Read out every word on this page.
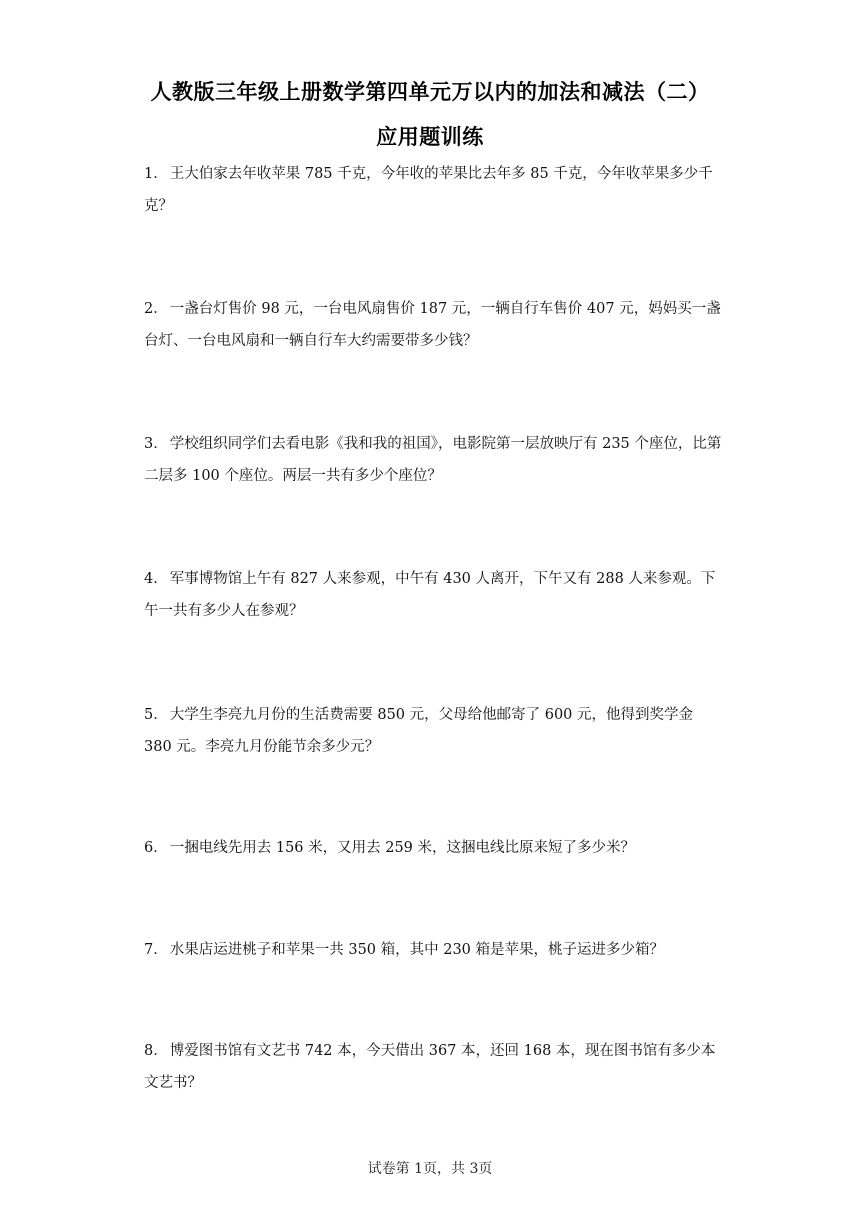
人教版三年级上册数学第四单元万以内的加法和减法（二）
应用题训练

1． 王大伯家去年收苹果 785 千克，今年收的苹果比去年多 85 千克，今年收苹果多少千克？

2． 一盏台灯售价 98 元，一台电风扇售价 187 元，一辆自行车售价 407 元，妈妈买一盏台灯、一台电风扇和一辆自行车大约需要带多少钱？

3． 学校组织同学们去看电影《我和我的祖国》，电影院第一层放映厅有 235 个座位，比第二层多 100 个座位。两层一共有多少个座位？

4． 军事博物馆上午有 827 人来参观，中午有 430 人离开，下午又有 288 人来参观。下午一共有多少人在参观？

5． 大学生李亮九月份的生活费需要 850 元，父母给他邮寄了 600 元，他得到奖学金 380 元。李亮九月份能节余多少元？

6． 一捆电线先用去 156 米，又用去 259 米，这捆电线比原来短了多少米？

7． 水果店运进桃子和苹果一共 350 箱，其中 230 箱是苹果，桃子运进多少箱？

8． 博爱图书馆有文艺书 742 本，今天借出 367 本，还回 168 本，现在图书馆有多少本文艺书？

试卷第 1页，共 3页
